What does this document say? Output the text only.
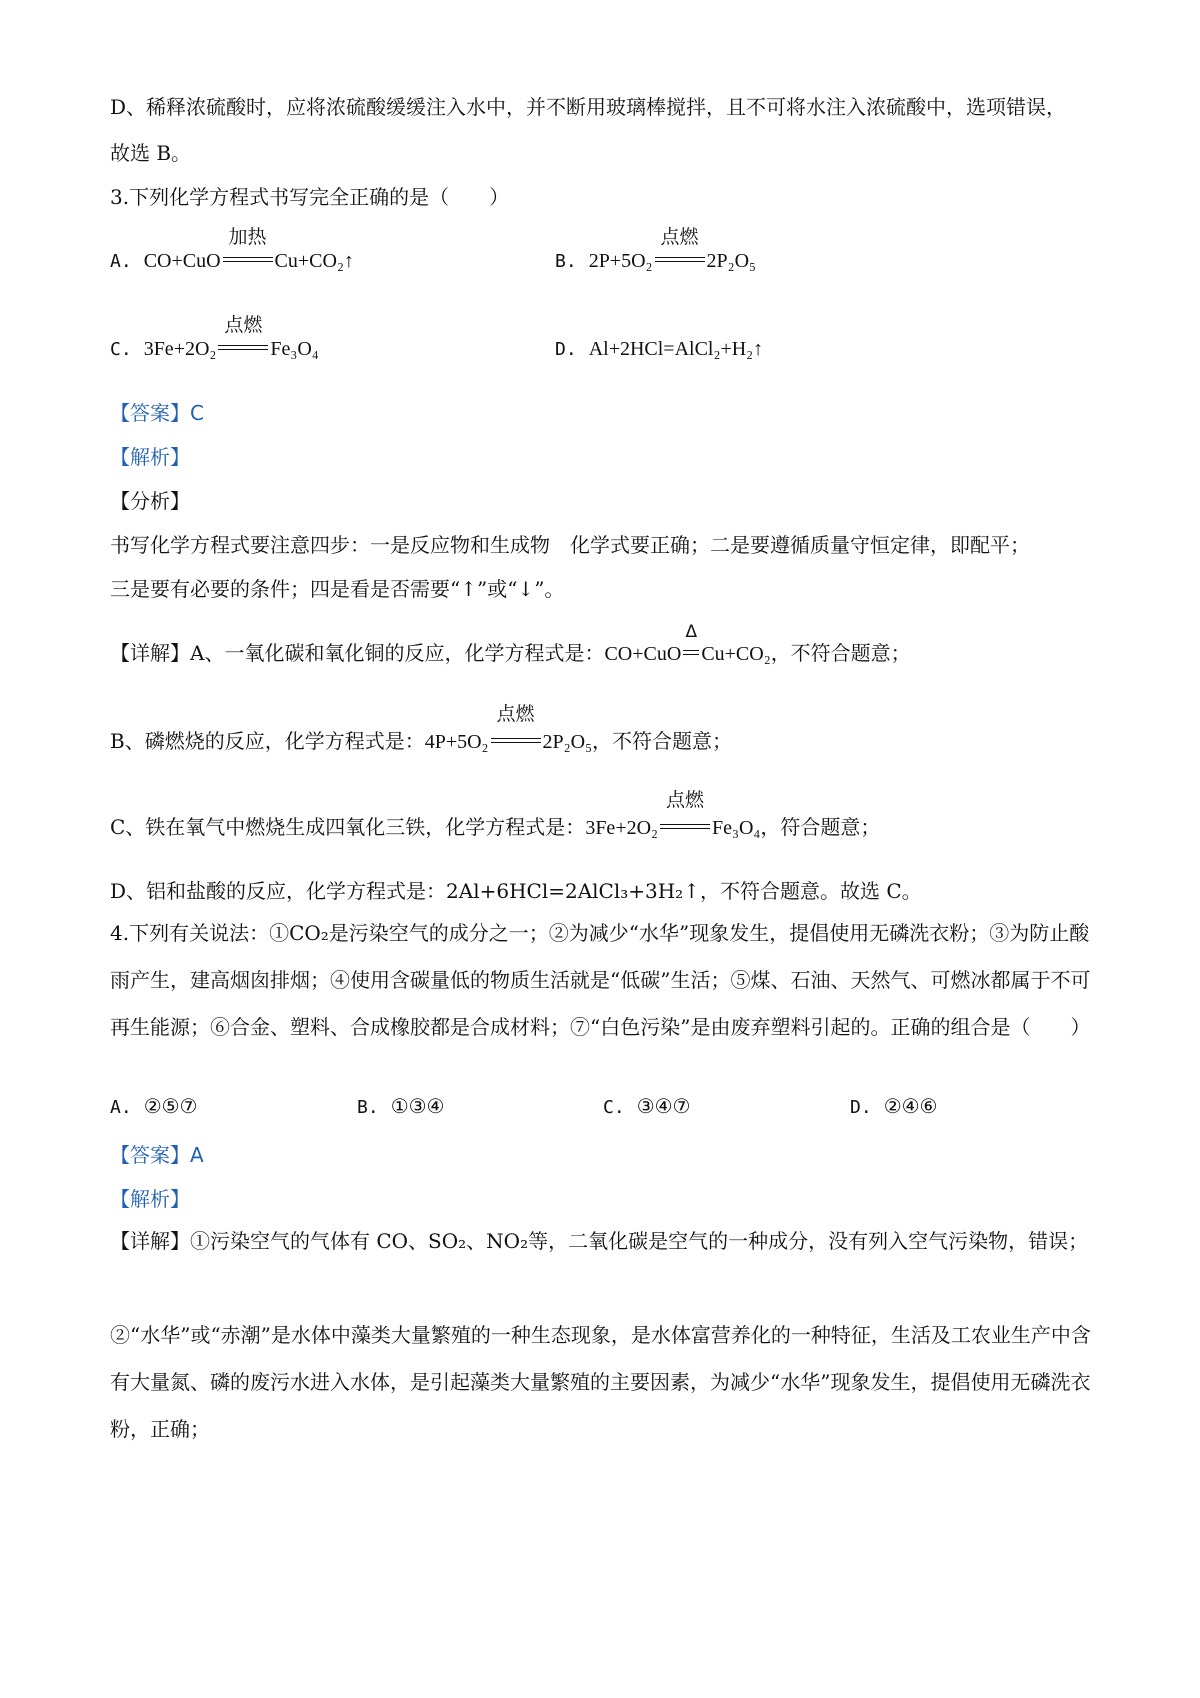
D、稀释浓硫酸时，应将浓硫酸缓缓注入水中，并不断用玻璃棒搅拌，且不可将水注入浓硫酸中，选项错误，
故选 B。
3.下列化学方程式书写完全正确的是（　　）
A. CO+CuO
加热
Cu+CO₂↑	B. 2P+5O₂
点燃
2P₂O₅
C. 3Fe+2O₂
点燃
Fe₃O₄	D. Al+2HCl=AlCl₂+H₂↑
【答案】C
【解析】
【分析】
书写化学方程式要注意四步：一是反应物和生成物　化学式要正确；二是要遵循质量守恒定律，即配平；
三是要有必要的条件；四是看是否需要“↑”或“↓”。
【详解】A、一氧化碳和氧化铜的反应，化学方程式是：CO+CuO
Δ
Cu+CO₂，不符合题意；
B、磷燃烧的反应，化学方程式是：4P+5O₂
点燃
2P₂O₅，不符合题意；
C、铁在氧气中燃烧生成四氧化三铁，化学方程式是：3Fe+2O₂
点燃
Fe₃O₄，符合题意；
D、铝和盐酸的反应，化学方程式是：2Al+6HCl=2AlCl₃+3H₂↑，不符合题意。故选 C。
4.下列有关说法：①CO₂是污染空气的成分之一；②为减少“水华”现象发生，提倡使用无磷洗衣粉；③为防止酸雨产生，建高烟囱排烟；④使用含碳量低的物质生活就是“低碳”生活；⑤煤、石油、天然气、可燃冰都属于不可再生能源；⑥合金、塑料、合成橡胶都是合成材料；⑦“白色污染”是由废弃塑料引起的。正确的组合是（　　）
A. ②⑤⑦	B. ①③④	C. ③④⑦	D. ②④⑥
【答案】A
【解析】
【详解】①污染空气的气体有 CO、SO₂、NO₂等，二氧化碳是空气的一种成分，没有列入空气污染物，错误；
②“水华”或“赤潮”是水体中藻类大量繁殖的一种生态现象，是水体富营养化的一种特征，生活及工农业生产中含有大量氮、磷的废污水进入水体，是引起藻类大量繁殖的主要因素，为减少“水华”现象发生，提倡使用无磷洗衣粉，正确；
